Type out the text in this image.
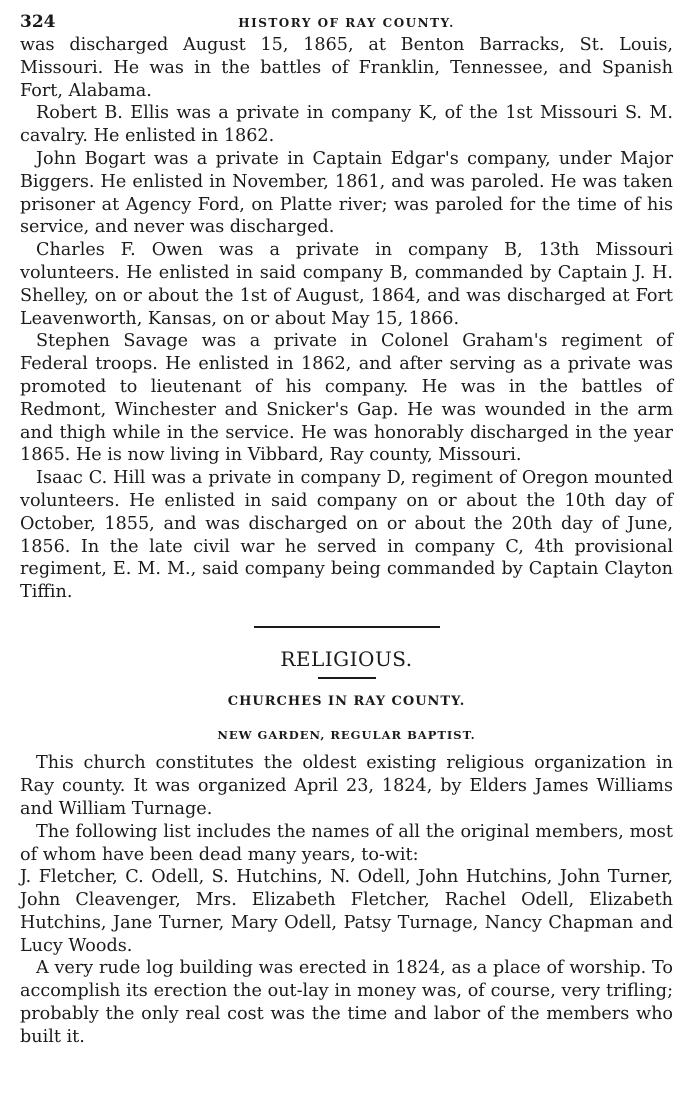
324	HISTORY OF RAY COUNTY.

was discharged August 15, 1865, at Benton Barracks, St. Louis, Missouri. He was in the battles of Franklin, Tennessee, and Spanish Fort, Alabama.

Robert B. Ellis was a private in company K, of the 1st Missouri S. M. cavalry. He enlisted in 1862.

John Bogart was a private in Captain Edgar's company, under Major Biggers. He enlisted in November, 1861, and was paroled. He was taken prisoner at Agency Ford, on Platte river; was paroled for the time of his service, and never was discharged.

Charles F. Owen was a private in company B, 13th Missouri volunteers. He enlisted in said company B, commanded by Captain J. H. Shelley, on or about the 1st of August, 1864, and was discharged at Fort Leavenworth, Kansas, on or about May 15, 1866.

Stephen Savage was a private in Colonel Graham's regiment of Federal troops. He enlisted in 1862, and after serving as a private was promoted to lieutenant of his company. He was in the battles of Redmont, Winchester and Snicker's Gap. He was wounded in the arm and thigh while in the service. He was honorably discharged in the year 1865. He is now living in Vibbard, Ray county, Missouri.

Isaac C. Hill was a private in company D, regiment of Oregon mounted volunteers. He enlisted in said company on or about the 10th day of October, 1855, and was discharged on or about the 20th day of June, 1856. In the late civil war he served in company C, 4th provisional regiment, E. M. M., said company being commanded by Captain Clayton Tiffin.

RELIGIOUS.
CHURCHES IN RAY COUNTY.
NEW GARDEN, REGULAR BAPTIST.

This church constitutes the oldest existing religious organization in Ray county. It was organized April 23, 1824, by Elders James Williams and William Turnage.

The following list includes the names of all the original members, most of whom have been dead many years, to-wit:

J. Fletcher, C. Odell, S. Hutchins, N. Odell, John Hutchins, John Turner, John Cleavenger, Mrs. Elizabeth Fletcher, Rachel Odell, Elizabeth Hutchins, Jane Turner, Mary Odell, Patsy Turnage, Nancy Chapman and Lucy Woods.

A very rude log building was erected in 1824, as a place of worship. To accomplish its erection the out-lay in money was, of course, very trifling; probably the only real cost was the time and labor of the members who built it.
